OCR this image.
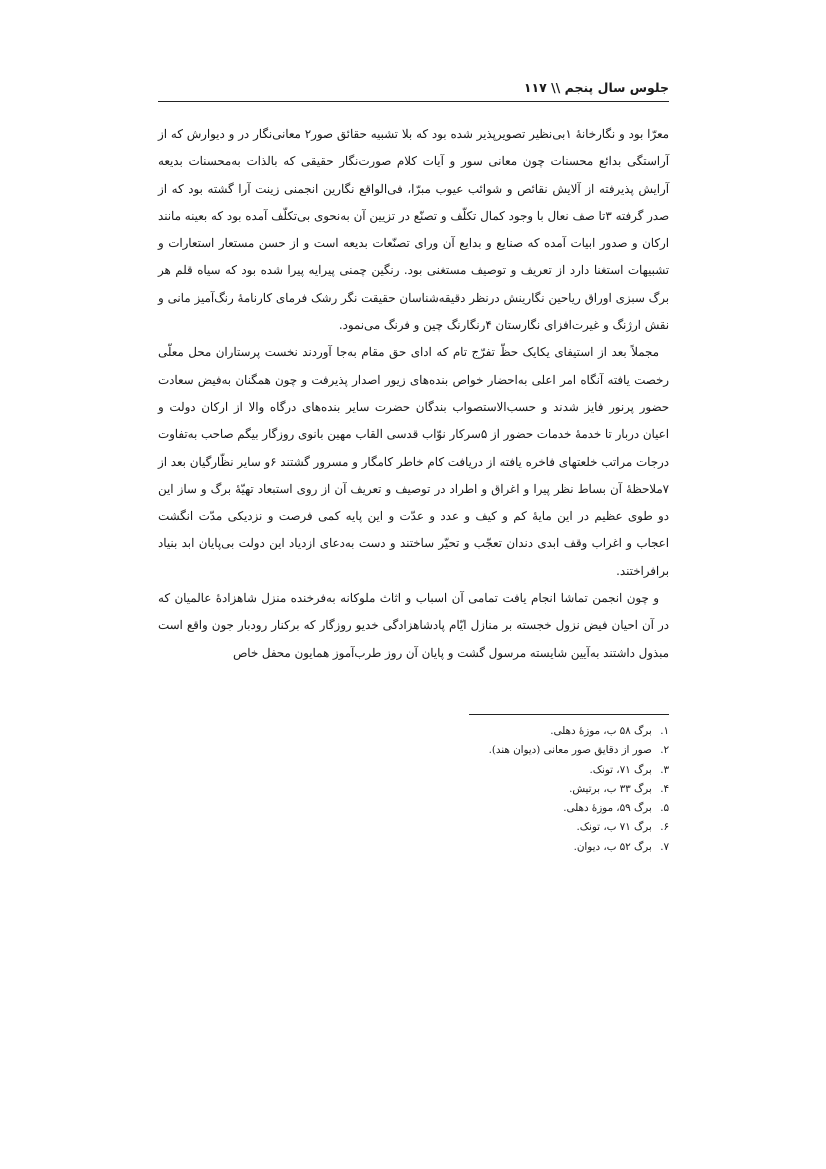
جلوس سال پنجم \\ ۱۱۷

معرّا بود و نگارخانهٔ ۱بی‌نظیر تصویرپذیر شده بود که بلا تشبیه حقائق صور۲ معانی‌نگار در و دیوارش که از آراستگی بدائع محسنات چون معانی سور و آیات کلام صورت‌نگار حقیقی که بالذات به‌محسنات بدیعه آرایش پذیرفته از آلایش نقائص و شوائب عیوب مبرّا، فی‌الواقع نگارین انجمنی زینت آرا گشته بود که از صدر گرفته ۳تا صف نعال با وجود کمال تکلّف و تصنّع در تزیین آن به‌نحوی بی‌تکلّف آمده بود که بعینه مانند ارکان و صدور ابیات آمده که صنایع و بدایع آن ورای تصنّعات بدیعه است و از حسن مستعار استعارات و تشبیهات استغنا دارد از تعریف و توصیف مستغنی بود. رنگین چمنی پیرایه پیرا شده بود که سیاه قلم هر برگ سبزی اوراق ریاحین نگارینش درنظر دقیقه‌شناسان حقیقت نگر رشک فرمای کارنامهٔ رنگ‌آمیز مانی و نقش ارژنگ و غیرت‌افزای نگارستان ۴رنگارنگ چین و فرنگ می‌نمود.

مجملاً بعد از استیفای یکایک حظّ تفرّج تام که ادای حق مقام به‌جا آوردند نخست پرستاران محل معلّی رخصت یافته آنگاه امر اعلی به‌احضار خواص بنده‌های زیور اصدار پذیرفت و چون همگنان به‌فیض سعادت حضور پرنور فایز شدند و حسب‌الاستصواب بندگان حضرت سایر بنده‌های درگاه والا از ارکان دولت و اعیان دربار تا خدمهٔ خدمات حضور از ۵سرکار نوّاب قدسی القاب مهین بانوی روزگار بیگم صاحب به‌تفاوت درجات مراتب خلعتهای فاخره یافته از دریافت کام خاطر کامگار و مسرور گشتند ۶و سایر نظّارگیان بعد از ۷ملاحظهٔ آن بساط نظر پیرا و اغراق و اطراد در توصیف و تعریف آن از روی استبعاد تهیّهٔ برگ و ساز این دو طوی عظیم در این مایهٔ کم و کیف و عدد و عدّت و این پایه کمی فرصت و نزدیکی مدّت انگشت اعجاب و اغراب وقف ابدی دندان تعجّب و تحیّر ساختند و دست به‌دعای ازدیاد این دولت بی‌پایان ابد بنیاد برافراختند.

و چون انجمن تماشا انجام یافت تمامی آن اسباب و اثاث ملوکانه به‌فرخنده منزل شاهزادهٔ عالمیان که در آن احیان فیض نزول خجسته بر منازل ایّام پادشاهزادگی خدیو روزگار که برکنار رودبار جون واقع است مبذول داشتند به‌آیین شایسته مرسول گشت و پایان آن روز طرب‌آموز همایون محفل خاص

۱. برگ ۵۸ ب، موزهٔ دهلی.
۲. صور از دقایق صور معانی (دیوان هند).
۳. برگ ۷۱، تونک.
۴. برگ ۳۳ ب، برتیش.
۵. برگ ۵۹، موزهٔ دهلی.
۶. برگ ۷۱ ب، تونک.
۷. برگ ۵۲ ب، دیوان.
